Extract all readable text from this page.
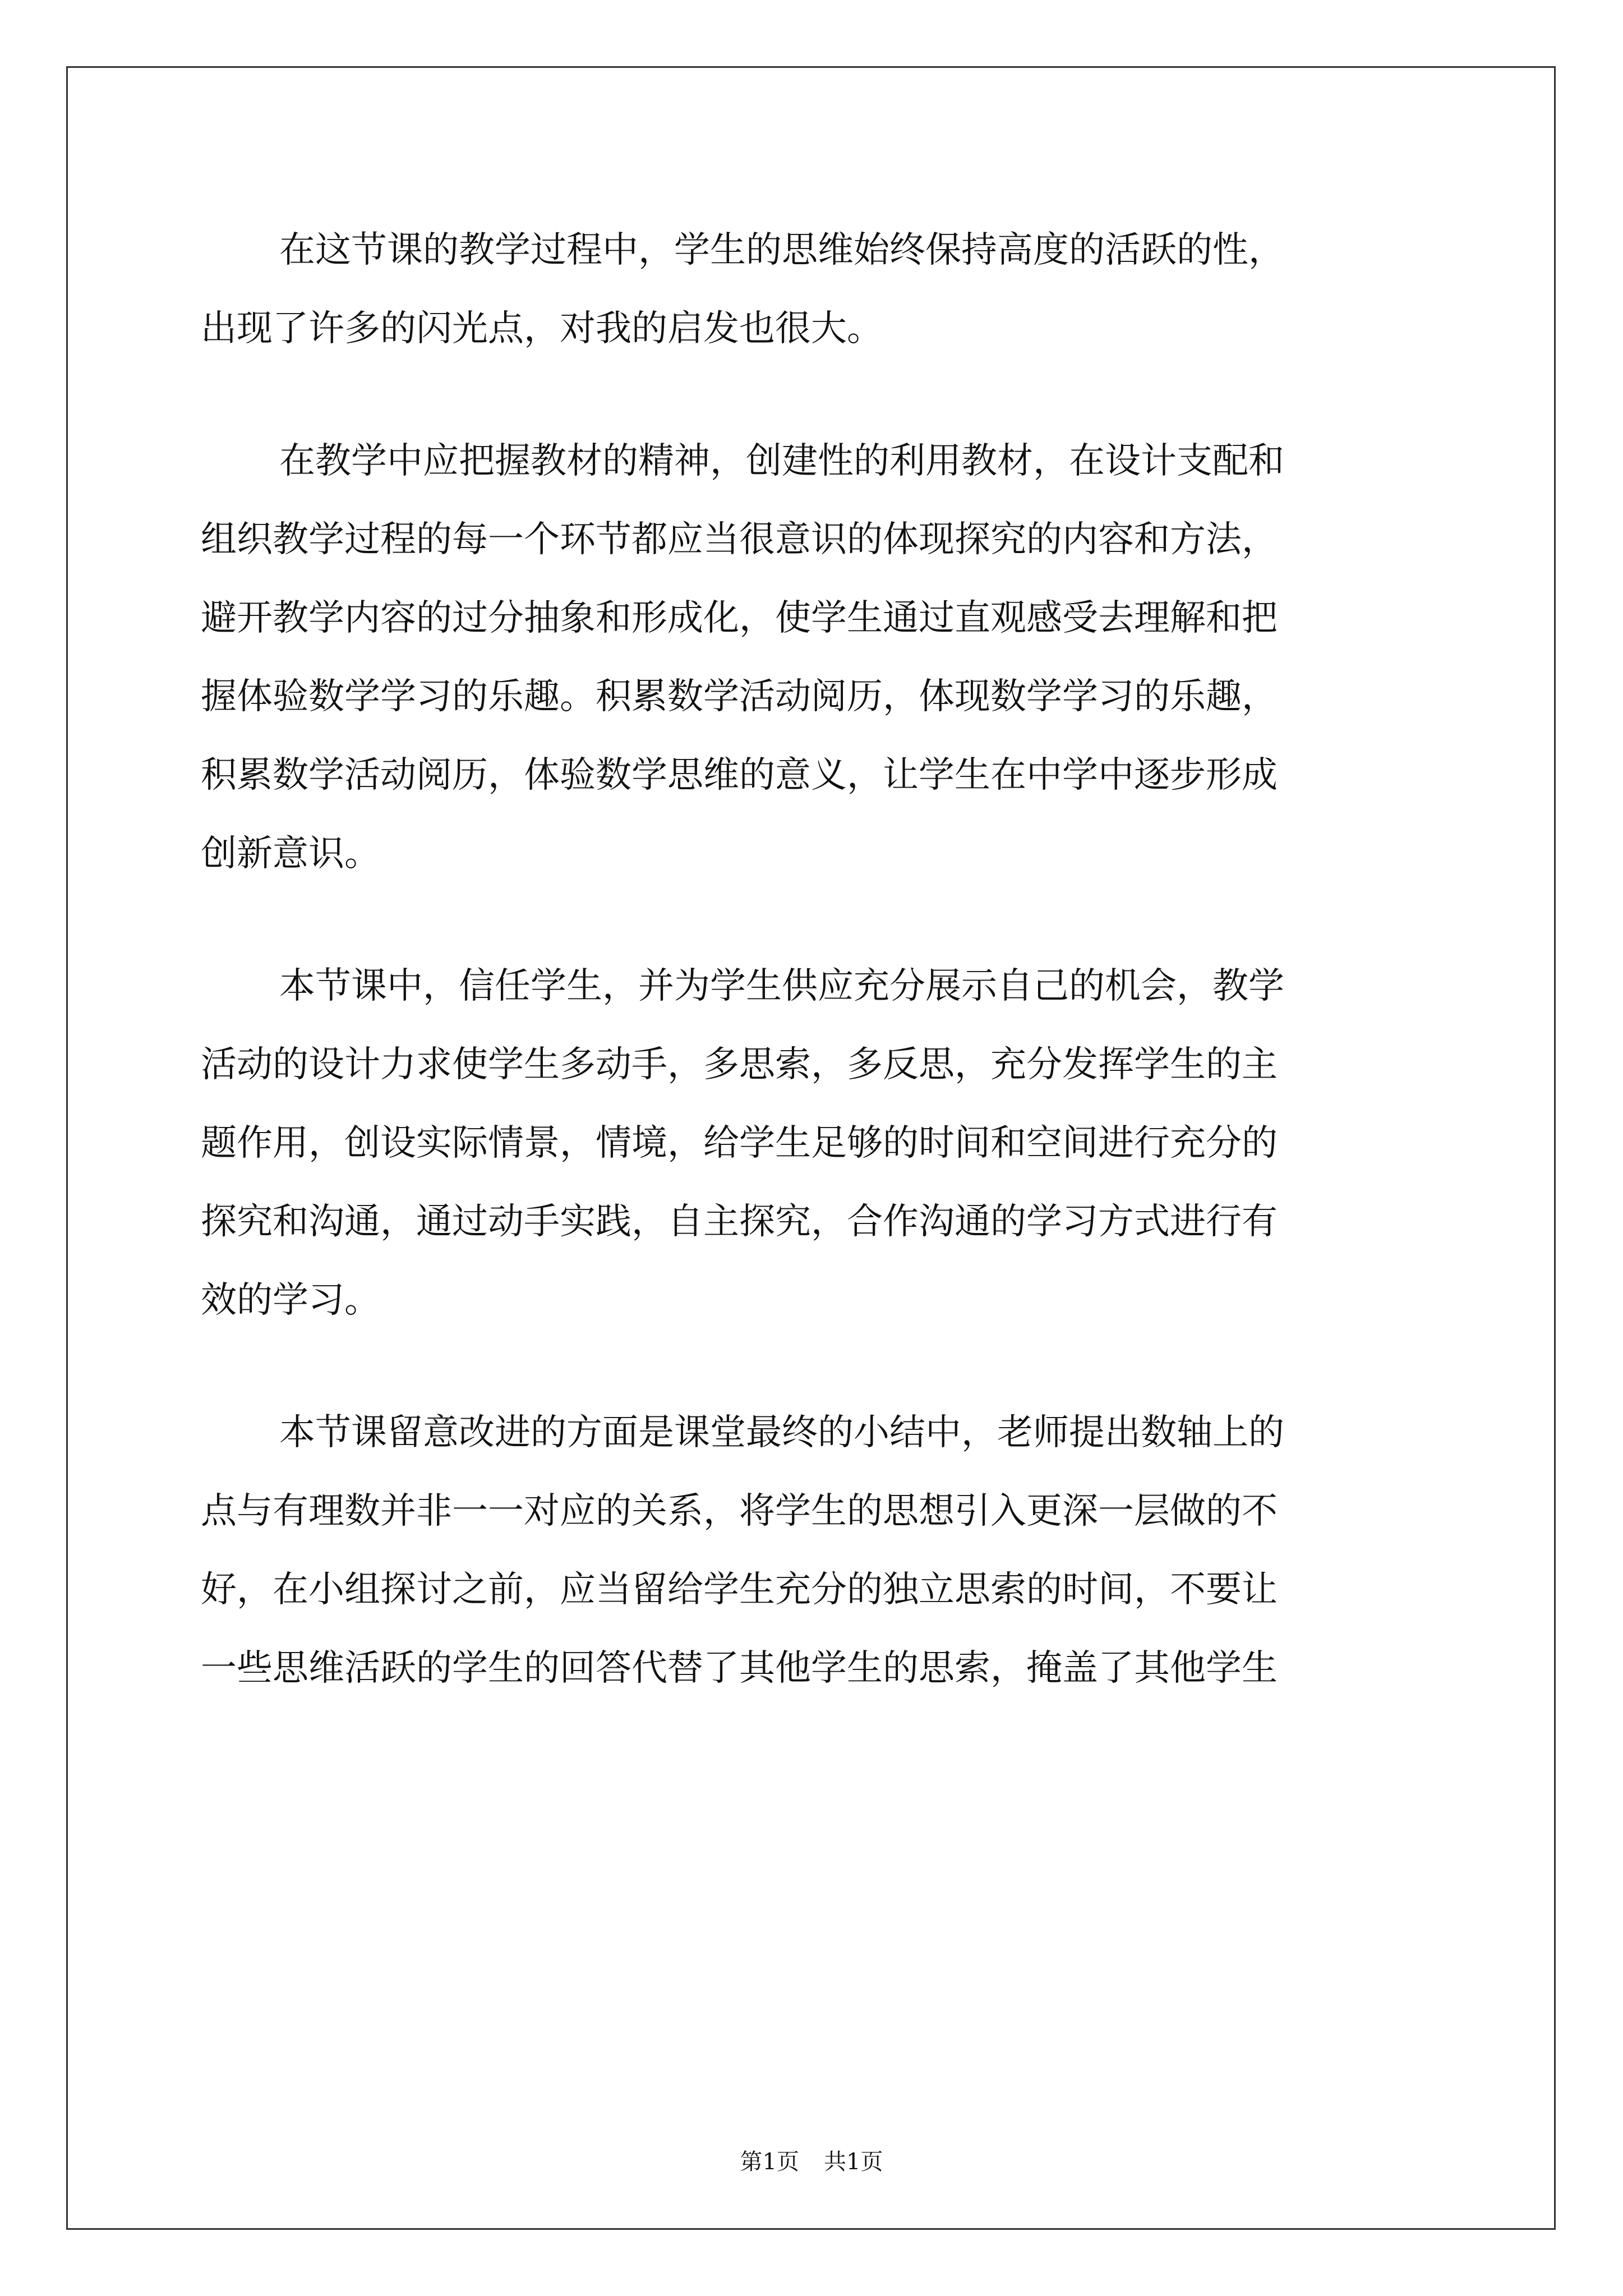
在这节课的教学过程中，学生的思维始终保持高度的活跃的性，
出现了许多的闪光点，对我的启发也很大。
在教学中应把握教材的精神，创建性的利用教材，在设计支配和
组织教学过程的每一个环节都应当很意识的体现探究的内容和方法，
避开教学内容的过分抽象和形成化，使学生通过直观感受去理解和把
握体验数学学习的乐趣。积累数学活动阅历，体现数学学习的乐趣，
积累数学活动阅历，体验数学思维的意义，让学生在中学中逐步形成
创新意识。
本节课中，信任学生，并为学生供应充分展示自己的机会，教学
活动的设计力求使学生多动手，多思索，多反思，充分发挥学生的主
题作用，创设实际情景，情境，给学生足够的时间和空间进行充分的
探究和沟通，通过动手实践，自主探究，合作沟通的学习方式进行有
效的学习。
本节课留意改进的方面是课堂最终的小结中，老师提出数轴上的
点与有理数并非一一对应的关系，将学生的思想引入更深一层做的不
好，在小组探讨之前，应当留给学生充分的独立思索的时间，不要让
一些思维活跃的学生的回答代替了其他学生的思索，掩盖了其他学生
第1页 共1页
